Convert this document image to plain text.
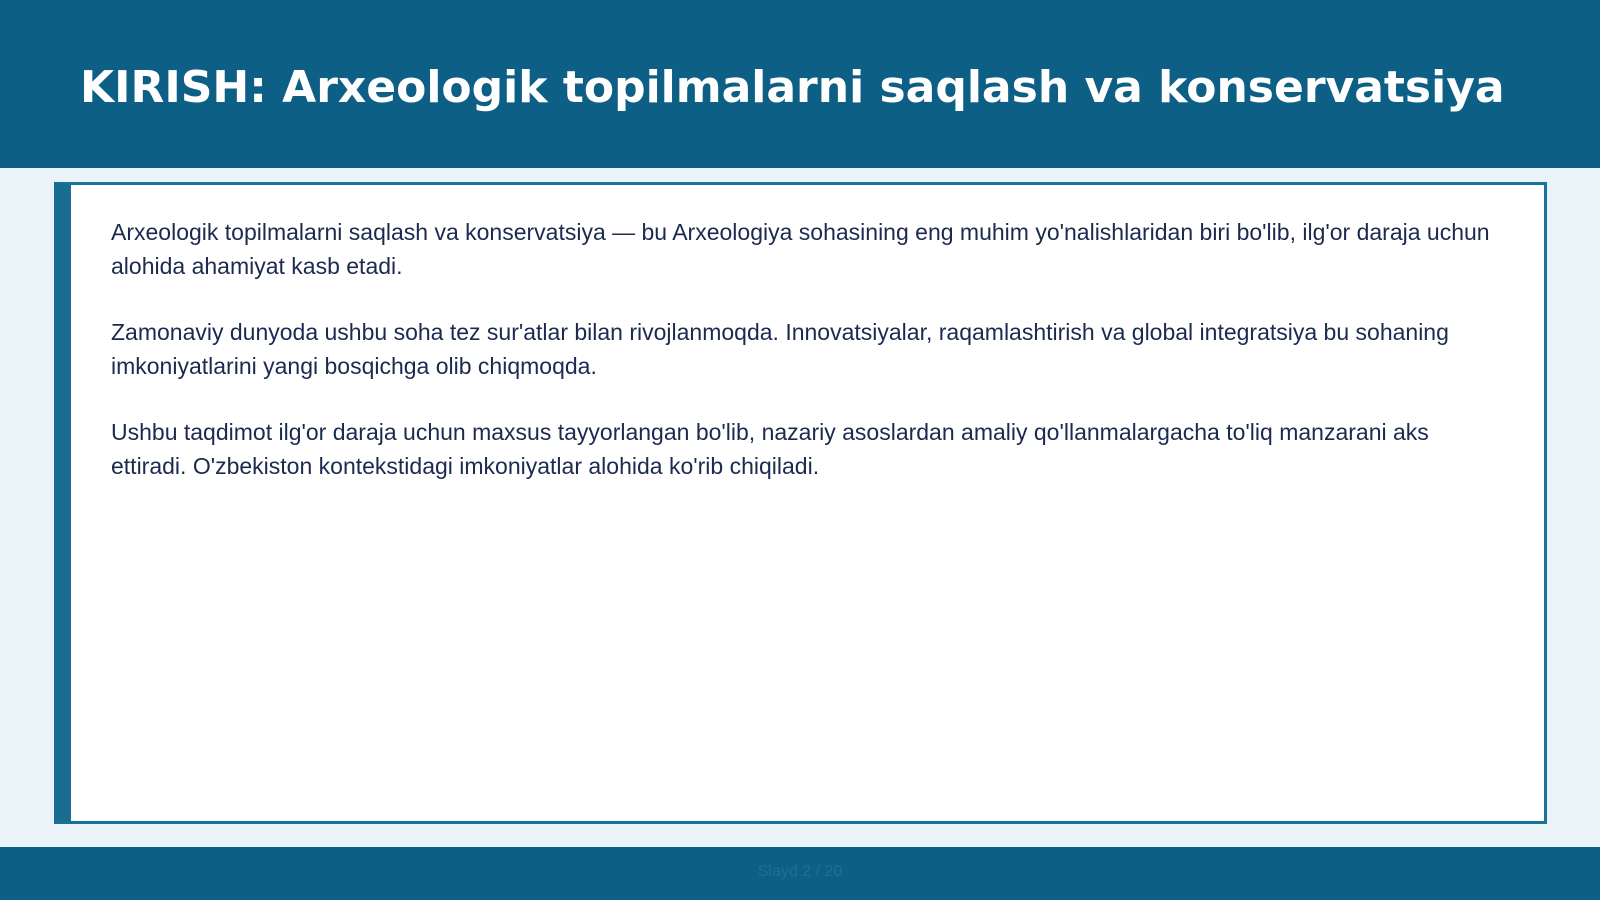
KIRISH: Arxeologik topilmalarni saqlash va konservatsiya

Arxeologik topilmalarni saqlash va konservatsiya — bu Arxeologiya sohasining eng muhim yo'nalishlaridan biri bo'lib, ilg'or daraja uchun alohida ahamiyat kasb etadi.

Zamonaviy dunyoda ushbu soha tez sur'atlar bilan rivojlanmoqda. Innovatsiyalar, raqamlashtirish va global integratsiya bu sohaning imkoniyatlarini yangi bosqichga olib chiqmoqda.

Ushbu taqdimot ilg'or daraja uchun maxsus tayyorlangan bo'lib, nazariy asoslardan amaliy qo'llanmalargacha to'liq manzarani aks ettiradi. O'zbekiston kontekstidagi imkoniyatlar alohida ko'rib chiqiladi.

Slayd 2 / 20
